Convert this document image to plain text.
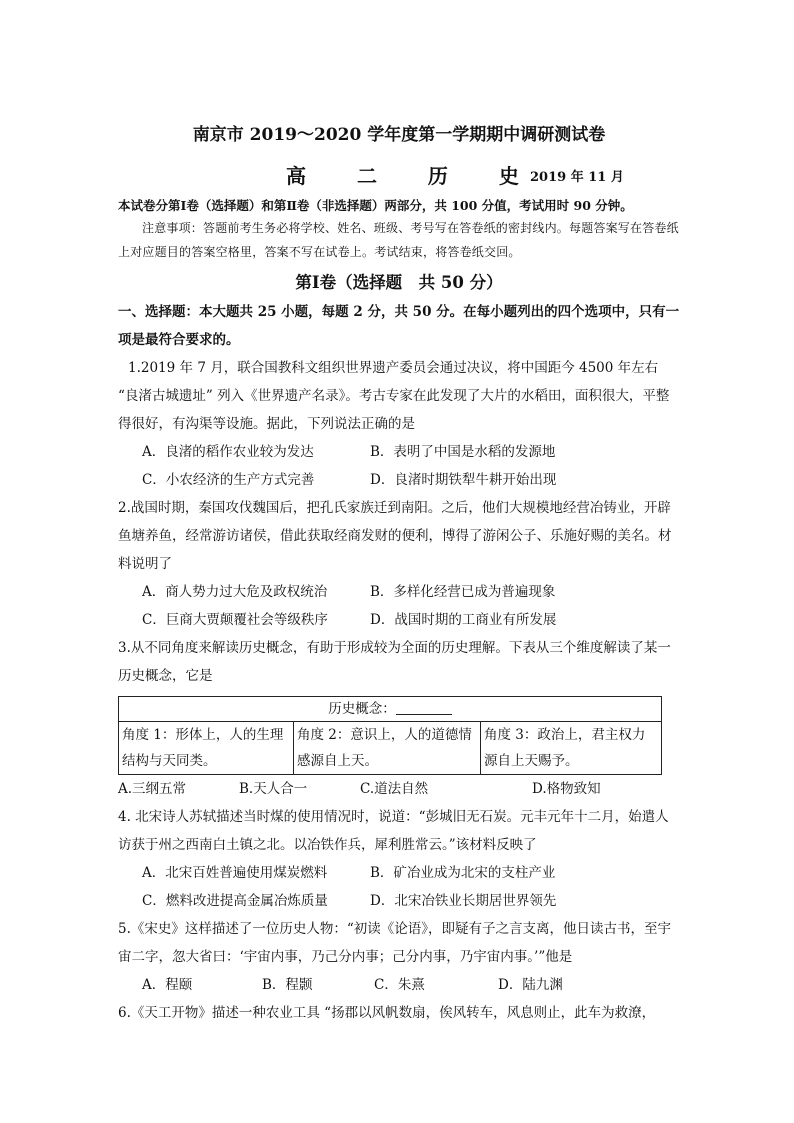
南京市 2019～2020 学年度第一学期期中调研测试卷
高 二 历 史
2019 年 11 月
本试卷分第Ⅰ卷（选择题）和第Ⅱ卷（非选择题）两部分，共 100 分值，考试用时 90 分钟。
注意事项：答题前考生务必将学校、姓名、班级、考号写在答卷纸的密封线内。每题答案写在答卷纸上对应题目的答案空格里，答案不写在试卷上。考试结束，将答卷纸交回。
第Ⅰ卷（选择题　共 50 分）
一、选择题：本大题共 25 小题，每题 2 分，共 50 分。在每小题列出的四个选项中，只有一项是最符合要求的。
1.2019 年 7 月，联合国教科文组织世界遗产委员会通过决议，将中国距今 4500 年左右 “良渚古城遗址” 列入《世界遗产名录》。考古专家在此发现了大片的水稻田，面积很大，平整得很好，有沟渠等设施。据此，下列说法正确的是
A．良渚的稻作农业较为发达	B．表明了中国是水稻的发源地
C．小农经济的生产方式完善	D．良渚时期铁犁牛耕开始出现
2.战国时期，秦国攻伐魏国后，把孔氏家族迁到南阳。之后，他们大规模地经营冶铸业，开辟鱼塘养鱼，经常游访诸侯，借此获取经商发财的便利，博得了游闲公子、乐施好赐的美名。材料说明了
A．商人势力过大危及政权统治	B．多样化经营已成为普遍现象
C．巨商大贾颠覆社会等级秩序	D．战国时期的工商业有所发展
3.从不同角度来解读历史概念，有助于形成较为全面的历史理解。下表从三个维度解读了某一历史概念，它是
历史概念：
角度 1：形体上，人的生理结构与天同类。	角度 2：意识上，人的道德情感源自上天。	角度 3：政治上，君主权力源自上天赐予。
A.三纲五常	B.天人合一	C.道法自然	D.格物致知
4. 北宋诗人苏轼描述当时煤的使用情况时，说道：“彭城旧无石炭。元丰元年十二月，始遣人访获于州之西南白土镇之北。以冶铁作兵，犀利胜常云。”该材料反映了
A．北宋百姓普遍使用煤炭燃料	B．矿冶业成为北宋的支柱产业
C．燃料改进提高金属冶炼质量	D．北宋冶铁业长期居世界领先
5.《宋史》这样描述了一位历史人物：“初读《论语》，即疑有子之言支离，他日读古书，至宇宙二字，忽大省曰：‘宇宙内事，乃己分内事；己分内事，乃宇宙内事。’”他是
A．程颐	B．程颢	C．朱熹	D．陆九渊
6.《天工开物》描述一种农业工具 “扬郡以风帆数扇，俟风转车，风息则止，此车为救潦，
